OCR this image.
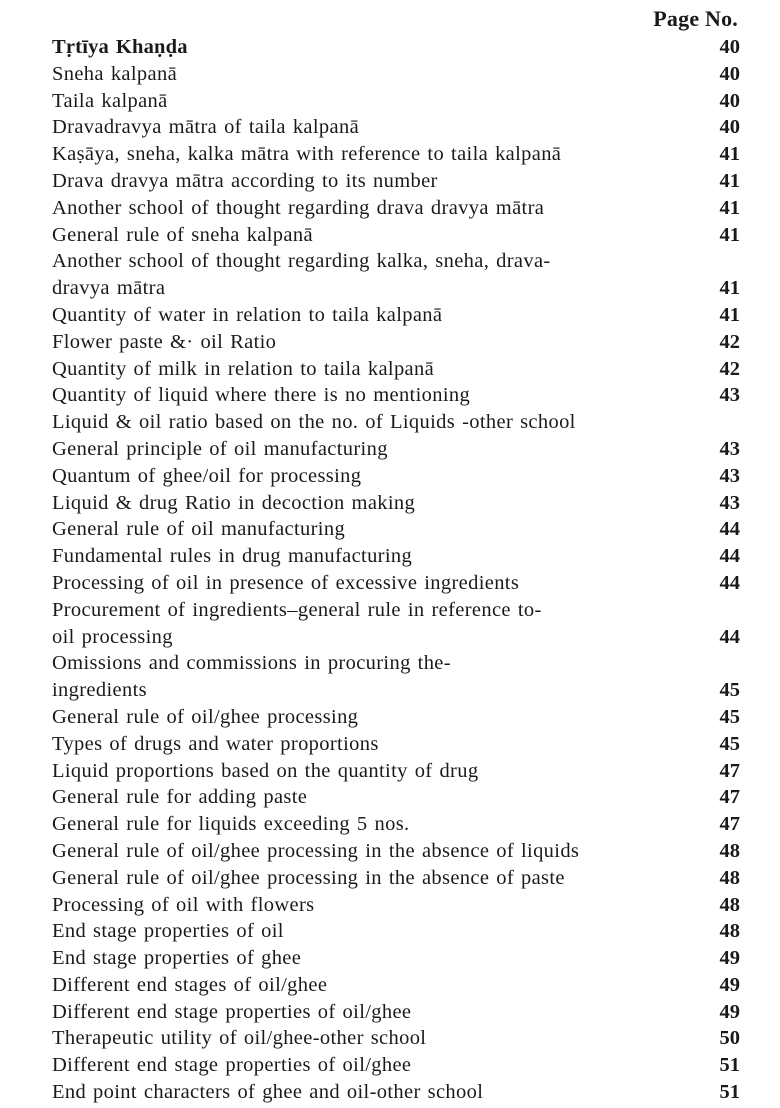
Page No.
Tṛtīya Khaṇḍa	40
Sneha kalpanā	40
Taila kalpanā	40
Dravadravya mātra of taila kalpanā	40
Kaṣāya, sneha, kalka mātra with reference to taila kalpanā	41
Drava dravya mātra according to its number	41
Another school of thought regarding drava dravya mātra	41
General rule of sneha kalpanā	41
Another school of thought regarding kalka, sneha, drava-
dravya mātra	41
Quantity of water in relation to taila kalpanā	41
Flower paste &· oil Ratio	42
Quantity of milk in relation to taila kalpanā	42
Quantity of liquid where there is no mentioning	43
Liquid & oil ratio based on the no. of Liquids -other school
General principle of oil manufacturing	43
Quantum of ghee/oil for processing	43
Liquid & drug Ratio in decoction making	43
General rule of oil manufacturing	44
Fundamental rules in drug manufacturing	44
Processing of oil in presence of excessive ingredients	44
Procurement of ingredients–general rule in reference to-
oil processing	44
Omissions and commissions in procuring the-
ingredients	45
General rule of oil/ghee processing	45
Types of drugs and water proportions	45
Liquid proportions based on the quantity of drug	47
General rule for adding paste	47
General rule for liquids exceeding 5 nos.	47
General rule of oil/ghee processing in the absence of liquids	48
General rule of oil/ghee processing in the absence of paste	48
Processing of oil with flowers	48
End stage properties of oil	48
End stage properties of ghee	49
Different end stages of oil/ghee	49
Different end stage properties of oil/ghee	49
Therapeutic utility of oil/ghee-other school	50
Different end stage properties of oil/ghee	51
End point characters of ghee and oil-other school	51
